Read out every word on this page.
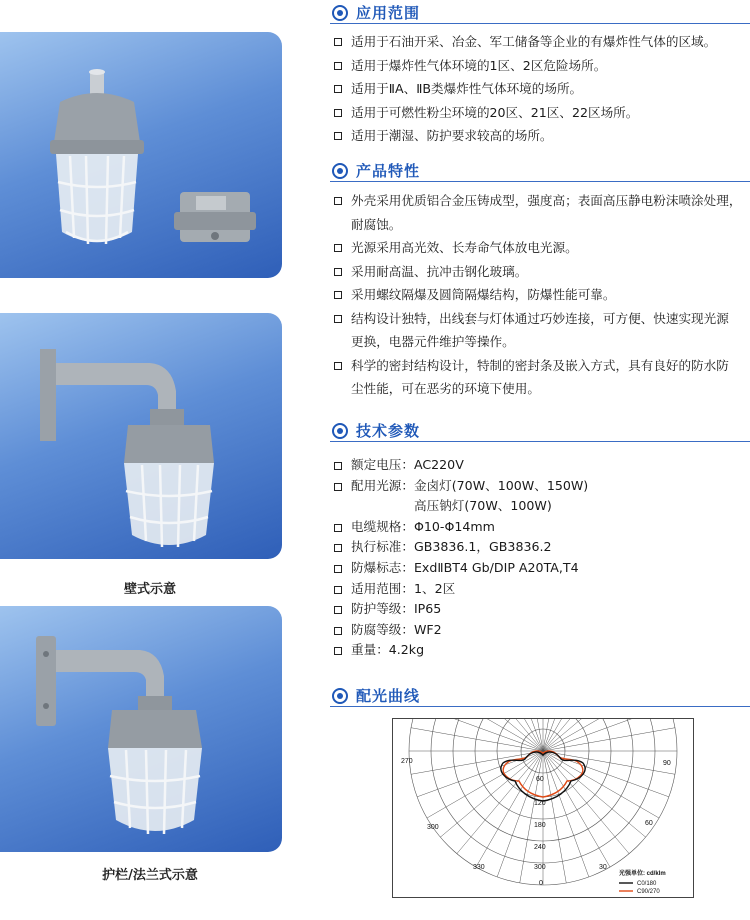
壁式示意
护栏/法兰式示意
应用范围
适用于石油开采、冶金、军工储备等企业的有爆炸性气体的区域。
适用于爆炸性气体环境的1区、2区危险场所。
适用于ⅡA、ⅡB类爆炸性气体环境的场所。
适用于可燃性粉尘环境的20区、21区、22区场所。
适用于潮湿、防护要求较高的场所。
产品特性
外壳采用优质铝合金压铸成型，强度高；表面高压静电粉沫喷涂处理，
耐腐蚀。
光源采用高光效、长寿命气体放电光源。
采用耐高温、抗冲击钢化玻璃。
采用螺纹隔爆及圆筒隔爆结构，防爆性能可靠。
结构设计独特，出线套与灯体通过巧妙连接，可方便、快速实现光源
更换，电器元件维护等操作。
科学的密封结构设计，特制的密封条及嵌入方式，具有良好的防水防
尘性能，可在恶劣的环境下使用。
技术参数
额定电压：AC220V
配用光源：金卤灯(70W、100W、150W)
高压钠灯(70W、100W)
电缆规格：Φ10-Φ14mm
执行标准：GB3836.1，GB3836.2
防爆标志：ExdⅡBT4 Gb/DIP A20TA,T4
适用范围：1、2区
防护等级：IP65
防腐等级：WF2
重量：4.2kg
配光曲线
270
300
330
90
60
30
0
60
120
180
240
300
光强单位: cd/klm
C0/180
C90/270
